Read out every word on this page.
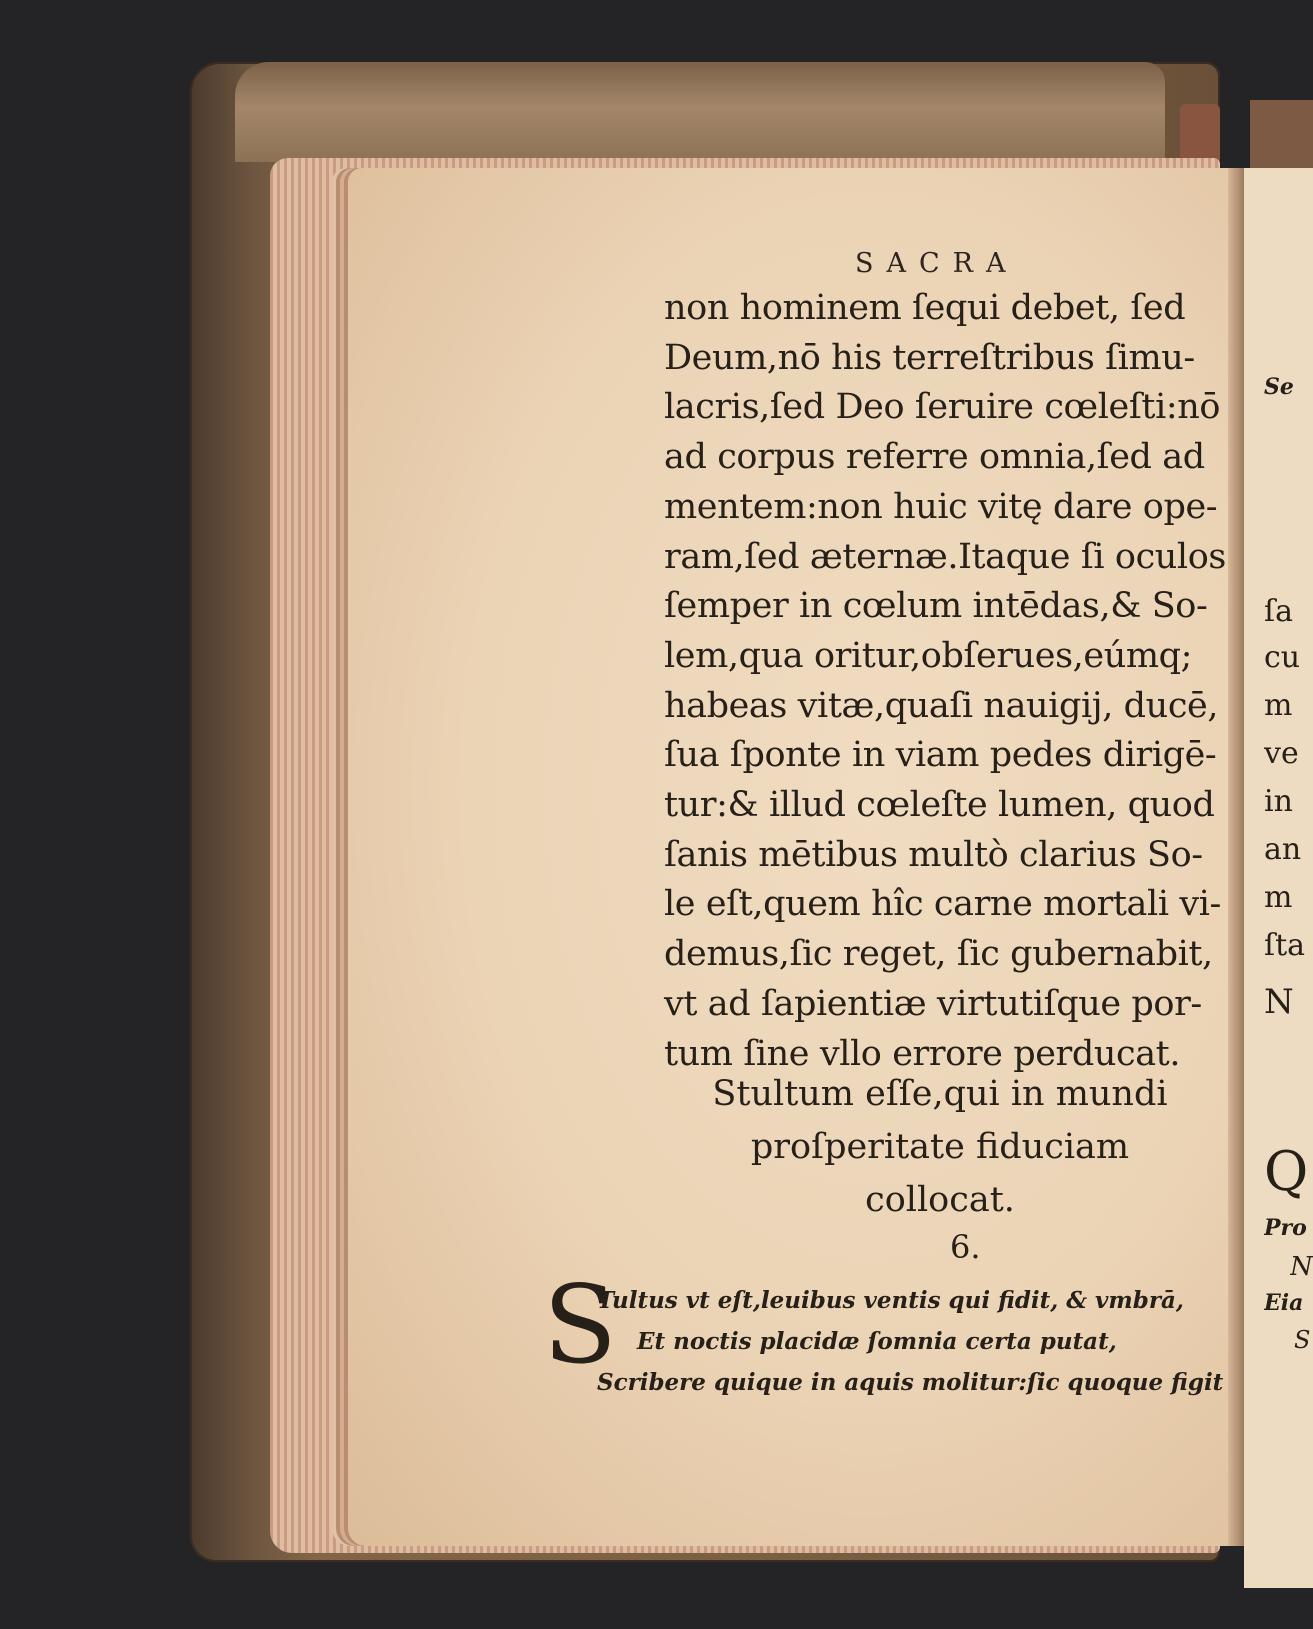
SACRA
non hominem ſequi debet, ſed
Deum,nō his terreſtribus ſimu-
lacris,ſed Deo ſeruire cœleſti:nō
ad corpus referre omnia,ſed ad
mentem:non huic vitę dare ope-
ram,ſed æternæ.Itaque ſi oculos
ſemper in cœlum intēdas,& So-
lem,qua oritur,obſerues,eúmq;
habeas vitæ,quaſi nauigij, ducē,
ſua ſponte in viam pedes dirigē-
tur:& illud cœleſte lumen, quod
ſanis mētibus multò clarius So-
le eſt,quem hîc carne mortali vi-
demus,ſic reget, ſic gubernabit,
vt ad ſapientiæ virtutiſque por-
tum ſine vllo errore perducat.
Stultum eſſe,qui in mundi
proſperitate fiduciam
collocat.
6.
S
Tultus vt eſt,leuibus ventis qui fidit, & vmbrā,
Et noctis placidæ ſomnia certa putat,
Scribere quique in aquis molitur:ſic quoque figit
Se
ſa
cu
m
ve
in
an
m
ſta
N
Q
Pro
N
Eia
S
